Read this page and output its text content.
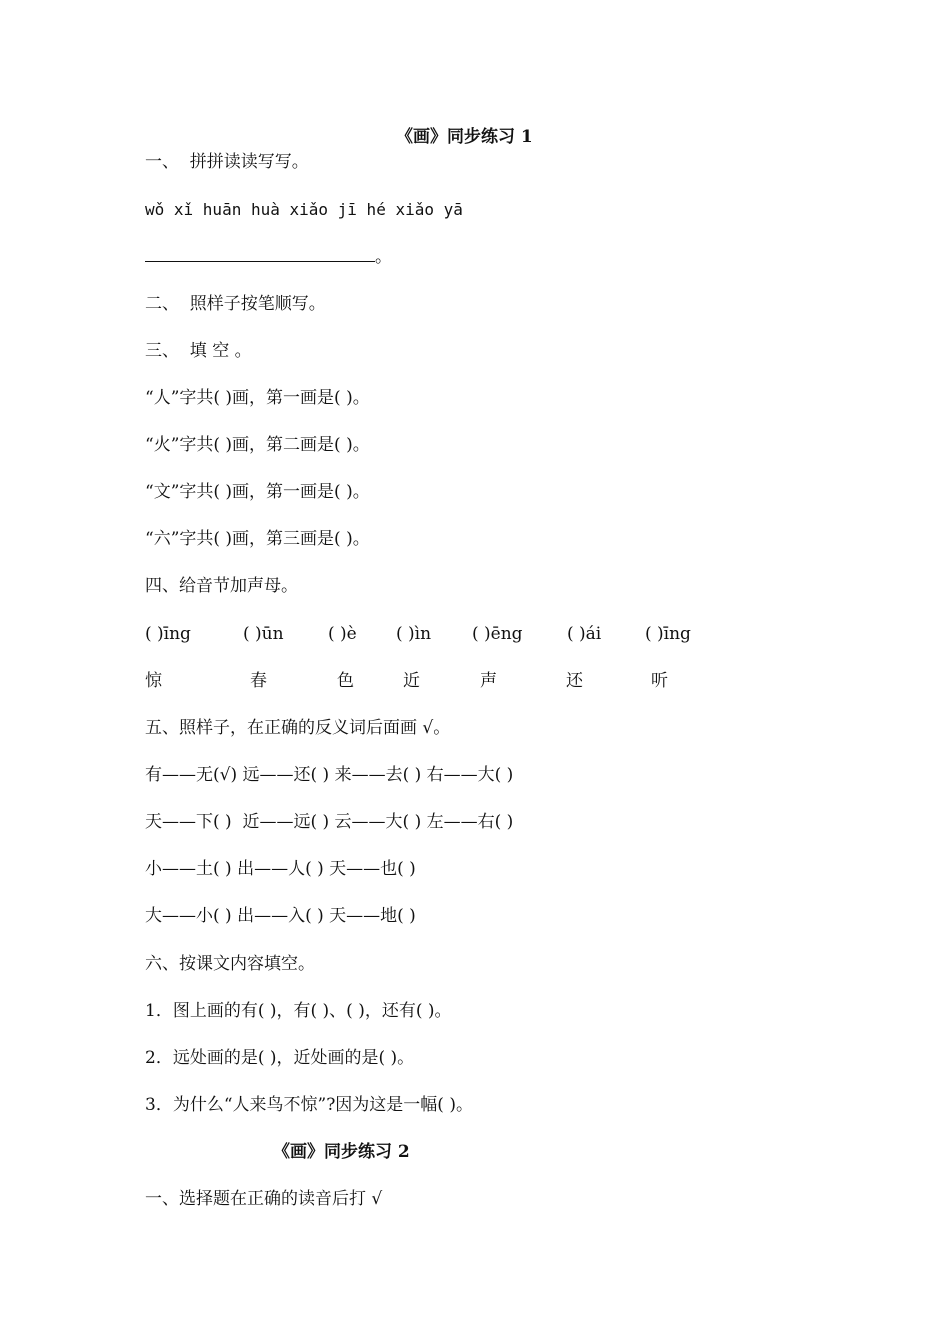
《画》同步练习 1
一、  拼拼读读写写。
wǒ xǐ huān huà xiǎo jī hé xiǎo yā
。
二、  照样子按笔顺写。
三、  填 空 。
“人”字共( )画，第一画是( )。
“火”字共( )画，第二画是( )。
“文”字共( )画，第一画是( )。
“六”字共( )画，第三画是( )。
四、给音节加声母。
( )īng	( )ūn	( )è ( )ìn ( )ēng	( )ái	( )īng
惊	春	色	近	声	还	听
五、照样子，在正确的反义词后面画 √。
有——无(√) 远——还( ) 来——去( ) 右——大( )
天——下( )  近——远( ) 云——大( ) 左——右( )
小——土( ) 出——人( ) 天——也( )
大——小( ) 出——入( ) 天——地( )
六、按课文内容填空。
1．图上画的有( )，有( )、( )，还有( )。
2．远处画的是( )，近处画的是( )。
3．为什么“人来鸟不惊”?因为这是一幅( )。
《画》同步练习 2
一、选择题在正确的读音后打 √
